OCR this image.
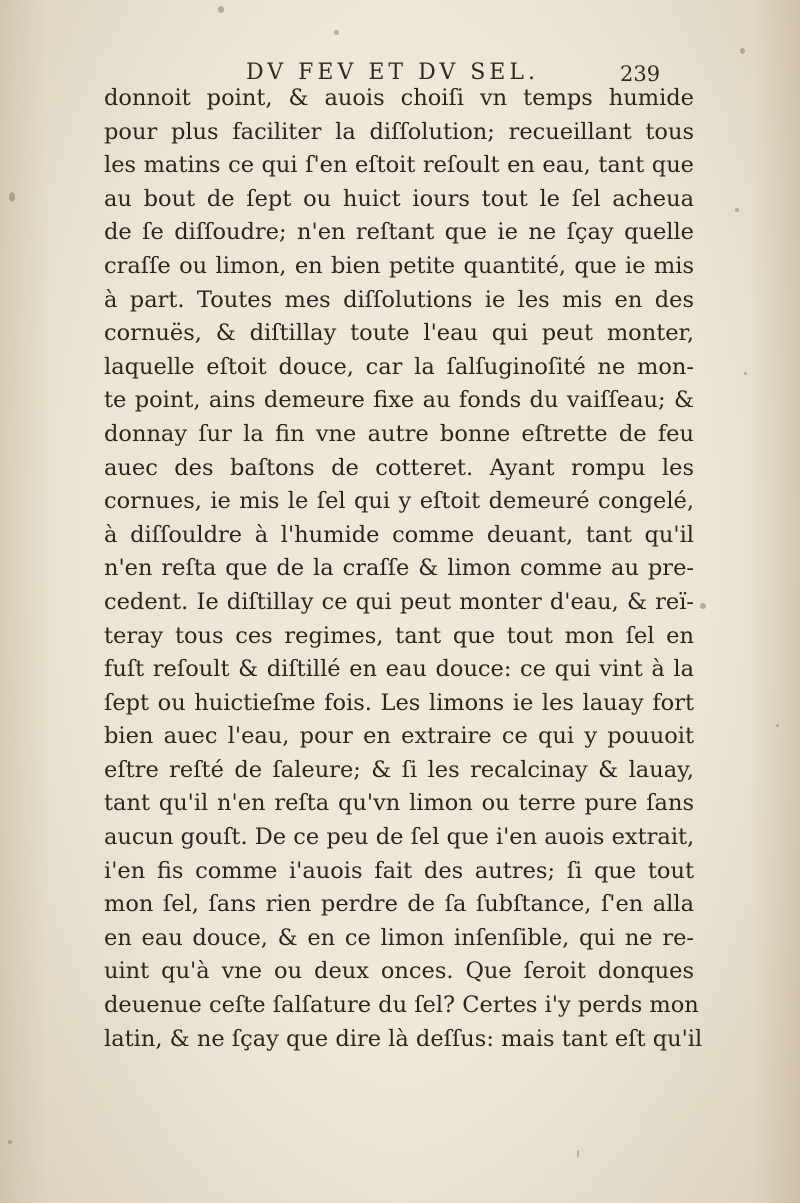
DV FEV ET DV SEL.	239
donnoit point, & auois choiſi vn temps humide
pour plus faciliter la diſſolution; recueillant tous
les matins ce qui ſ'en eſtoit reſoult en eau, tant que
au bout de ſept ou huict iours tout le ſel acheua
de ſe diſſoudre; n'en reſtant que ie ne ſçay quelle
craſſe ou limon, en bien petite quantité, que ie mis
à part. Toutes mes diſſolutions ie les mis en des
cornuës, & diſtillay toute l'eau qui peut monter,
laquelle eſtoit douce, car la ſalſuginoſité ne mon-
te point, ains demeure fixe au fonds du vaiſſeau; &
donnay ſur la fin vne autre bonne eſtrette de feu
auec des baſtons de cotteret. Ayant rompu les
cornues, ie mis le ſel qui y eſtoit demeuré congelé,
à diſſouldre à l'humide comme deuant, tant qu'il
n'en reſta que de la craſſe & limon comme au pre-
cedent. Ie diſtillay ce qui peut monter d'eau, & reï-
teray tous ces regimes, tant que tout mon ſel en
fuſt reſoult & diſtillé en eau douce: ce qui vint à la
ſept ou huictieſme fois. Les limons ie les lauay fort
bien auec l'eau, pour en extraire ce qui y pouuoit
eſtre reſté de ſaleure; & ſi les recalcinay & lauay,
tant qu'il n'en reſta qu'vn limon ou terre pure ſans
aucun gouſt. De ce peu de ſel que i'en auois extrait,
i'en fis comme i'auois fait des autres; ſi que tout
mon ſel, ſans rien perdre de ſa ſubſtance, ſ'en alla
en eau douce, & en ce limon inſenſible, qui ne re-
uint qu'à vne ou deux onces. Que ſeroit donques
deuenue ceſte ſalſature du ſel? Certes i'y perds mon
latin, & ne ſçay que dire là deſſus: mais tant eſt qu'il
